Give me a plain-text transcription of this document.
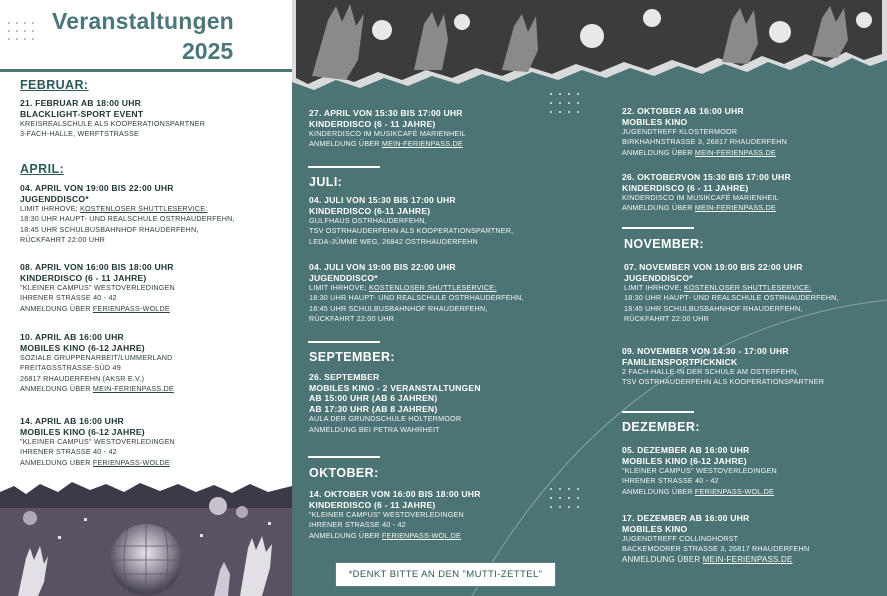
Veranstaltungen
2025
FEBRUAR:
21. FEBRUAR AB 18:00 UHR
BLACKLIGHT-SPORT EVENT
KREISREALSCHULE ALS KOOPERATIONSPARTNER
3-FACH-HALLE, WERFTSTRASSE
APRIL:
04. APRIL VON 19:00 BIS 22:00 UHR
JUGENDDISCO*
LIMIT IHRHOVE; KOSTENLOSER SHUTTLESERVICE:
18:30 UHR HAUPT- UND REALSCHULE OSTRHAUDERFEHN,
18:45 UHR SCHULBUSBAHNHOF RHAUDERFEHN,
RÜCKFAHRT 22:00 UHR
08. APRIL VON 16:00 BIS 18:00 UHR
KINDERDISCO (6 - 11 JAHRE)
"KLEINER CAMPUS" WESTOVERLEDINGEN
IHRENER STRASSE 40 - 42
ANMELDUNG ÜBER FERIENPASS-WOLDE
10. APRIL AB 16:00 UHR
MOBILES KINO (6-12 JAHRE)
SOZIALE GRUPPENARBEIT/LUMMERLAND
FREITAGSSTRASSE-SÜD 49
26817 RHAUDERFEHN (AKSR E.V.)
ANMELDUNG ÜBER MEIN-FERIENPASS.DE
14. APRIL AB 16:00 UHR
MOBILES KINO (6-12 JAHRE)
"KLEINER CAMPUS" WESTOVERLEDINGEN
IHRENER STRASSE 40 - 42
ANMELDUNG ÜBER FERIENPASS-WOLDE
27. APRIL VON 15:30 BIS 17:00 UHR
KINDERDISCO (6 - 11 JAHRE)
KINDERDISCO IM MUSIKCAFÉ MARIENHEIL
ANMELDUNG ÜBER MEIN-FERIENPASS.DE
JULI:
04. JULI VON 15:30 BIS 17:00 UHR
KINDERDISCO (6-11 JAHRE)
GULFHAUS OSTRHAUDERFEHN,
TSV OSTRHAUDERFEHN ALS KOOPERATIONSPARTNER,
LEDA-JÜMME WEG, 26842 OSTRHAUDERFEHN
04. JULI VON 19:00 BIS 22:00 UHR
JUGENDDISCO*
LIMIT IHRHOVE; KOSTENLOSER SHUTTLESERVICE:
18:30 UHR HAUPT- UND REALSCHULE OSTRHAUDERFEHN,
18:45 UHR SCHULBUSBAHNHOF RHAUDERFEHN,
RÜCKFAHRT 22:00 UHR
SEPTEMBER:
26. SEPTEMBER
MOBILES KINO - 2 VERANSTALTUNGEN
AB 15:00 UHR (AB 6 JAHREN)
AB 17:30 UHR (AB 8 JAHREN)
AULA DER GRUNDSCHULE HOLTERMOOR
ANMELDUNG BEI PETRA WAHRHEIT
OKTOBER:
14. OKTOBER VON 16:00 BIS 18:00 UHR
KINDERDISCO (6 - 11 JAHRE)
"KLEINER CAMPUS" WESTOVERLEDINGEN
IHRENER STRASSE 40 - 42
ANMELDUNG ÜBER FERIENPASS-WOL.DE
22. OKTOBER AB 16:00 UHR
MOBILES KINO
JUGENDTREFF KLOSTERMOOR
BIRKHAHNSTRASSE 3, 26817 RHAUDERFEHN
ANMELDUNG ÜBER MEIN-FERIENPASS.DE
26. OKTOBERVON 15:30 BIS 17:00 UHR
KINDERDISCO (6 - 11 JAHRE)
KINDERDISCO IM MUSIKCAFÉ MARIENHEIL
ANMELDUNG ÜBER MEIN-FERIENPASS.DE
NOVEMBER:
07. NOVEMBER VON 19:00 BIS 22:00 UHR
JUGENDDISCO*
LIMIT IHRHOVE; KOSTENLOSER SHUTTLESERVICE:
18:30 UHR HAUPT- UND REALSCHULE OSTRHAUDERFEHN,
18:45 UHR SCHULBUSBAHNHOF RHAUDERFEHN,
RÜCKFAHRT 22:00 UHR
09. NOVEMBER VON 14:30 - 17:00 UHR
FAMILIENSPORTPICKNICK
2 FACH-HALLE IN DER SCHULE AM OSTERFEHN,
TSV OSTRHAUDERFEHN ALS KOOPERATIONSPARTNER
DEZEMBER:
05. DEZEMBER AB 16:00 UHR
MOBILES KINO (6-12 JAHRE)
"KLEINER CAMPUS" WESTOVERLEDINGEN
IHRENER STRASSE 40 - 42
ANMELDUNG ÜBER FERIENPASS-WOL.DE
17. DEZEMBER AB 16:00 UHR
MOBILES KINO
JUGENDTREFF COLLINGHORST
BACKEMOORER STRASSE 3, 26817 RHAUDERFEHN
ANMELDUNG ÜBER MEIN-FERIENPASS.DE
*DENKT BITTE AN DEN "MUTTI-ZETTEL"
